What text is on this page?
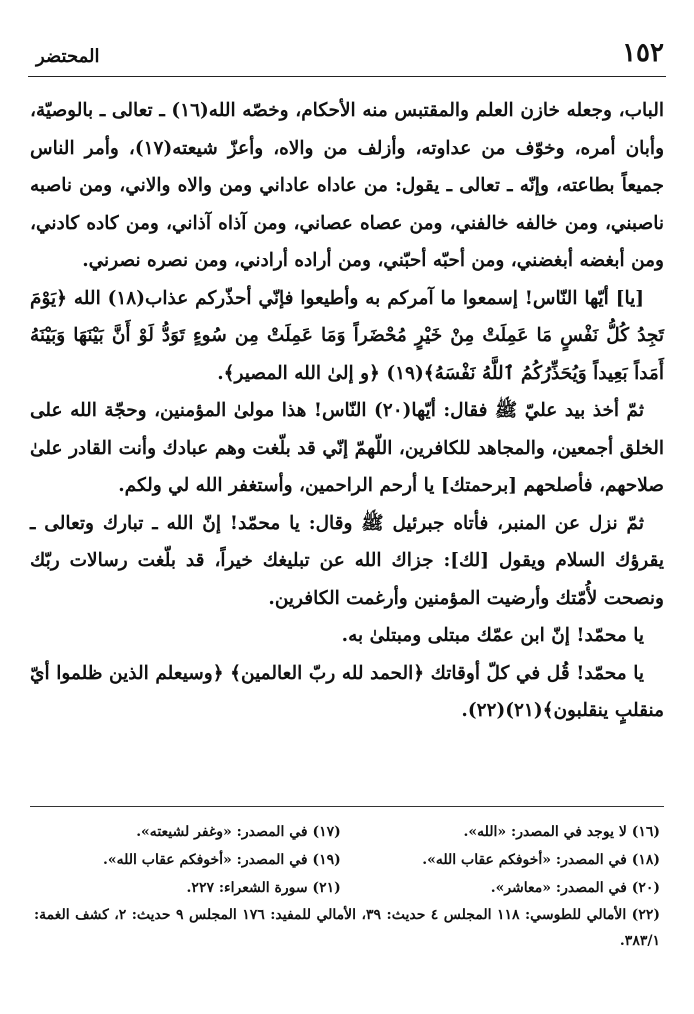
١٥٢
المحتضر

الباب، وجعله خازن العلم والمقتبس منه الأحكام، وخصّه الله(١٦) ـ تعالى ـ بالوصيّة، وأبان أمره، وخوّف من عداوته، وأزلف من والاه، وأعزّ شيعته(١٧)، وأمر الناس جميعاً بطاعته، وإنّه ـ تعالى ـ يقول: من عاداه عاداني ومن والاه والاني، ومن ناصبه ناصبني، ومن خالفه خالفني، ومن عصاه عصاني، ومن آذاه آذاني، ومن كاده كادني، ومن أبغضه أبغضني، ومن أحبّه أحبّني، ومن أراده أرادني، ومن نصره نصرني.

[يا] أيّها النّاس! إسمعوا ما آمركم به وأطيعوا فإنّي أحذّركم عذاب(١٨) الله ﴿يَوْمَ تَجِدُ كُلُّ نَفْسٍ مَا عَمِلَتْ مِنْ خَيْرٍ مُحْضَراً وَمَا عَمِلَتْ مِن سُوءٍ تَوَدُّ لَوْ أَنَّ بَيْنَهَا وَبَيْنَهُ أَمَداً بَعِيداً وَيُحَذِّرُكُمُ ٱللَّهُ نَفْسَهُ﴾(١٩) ﴿و إلىٰ الله المصير﴾.

ثمّ أخذ بيد عليّ ﷺ فقال: أيّها(٢٠) النّاس! هذا مولىٰ المؤمنين، وحجّة الله على الخلق أجمعين، والمجاهد للكافرين، اللّهمّ إنّي قد بلّغت وهم عبادك وأنت القادر علىٰ صلاحهم، فأصلحهم [برحمتك] يا أرحم الراحمين، وأستغفر الله لي ولكم.

ثمّ نزل عن المنبر، فأتاه جبرئيل ﷺ وقال: يا محمّد! إنّ الله ـ تبارك وتعالى ـ يقرؤك السلام ويقول [لك]: جزاك الله عن تبليغك خيراً، قد بلّغت رسالات ربّك ونصحت لأُمّتك وأرضيت المؤمنين وأرغمت الكافرين.

يا محمّد! إنّ ابن عمّك مبتلى ومبتلىٰ به.

يا محمّد! قُل في كلّ أوقاتك ﴿الحمد لله ربّ العالمين﴾ ﴿وسيعلم الذين ظلموا أيّ منقلبٍ ينقلبون﴾(٢١)(٢٢).

(١٦) لا يوجد في المصدر: «الله».
(١٧) في المصدر: «وغفر لشيعته».
(١٨) في المصدر: «أخوفكم عقاب الله».
(١٩) في المصدر: «أخوفكم عقاب الله».
(٢٠) في المصدر: «معاشر».
(٢١) سورة الشعراء: ٢٢٧.
(٢٢) الأمالي للطوسي: ١١٨ المجلس ٤ حديث: ٣٩، الأمالي للمفيد: ١٧٦ المجلس ٩ حديث: ٢، كشف الغمة: ٣٨٣/١.
